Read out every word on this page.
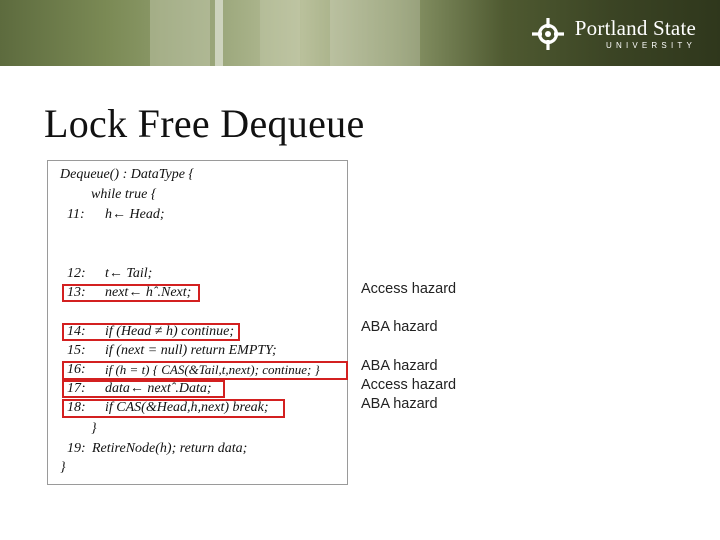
Portland State
UNIVERSITY
Lock Free Dequeue
Dequeue() : DataType {
while true {
11: h← Head;
12: t← Tail;
13: next← hˆ.Next;
14: if (Head ≠ h) continue;
15: if (next = null) return EMPTY;
16: if (h = t) { CAS(&Tail,t,next); continue; }
17: data← nextˆ.Data;
18: if CAS(&Head,h,next) break;
}
19: RetireNode(h); return data;
}
Access hazard
ABA hazard
ABA hazard
Access hazard
ABA hazard
